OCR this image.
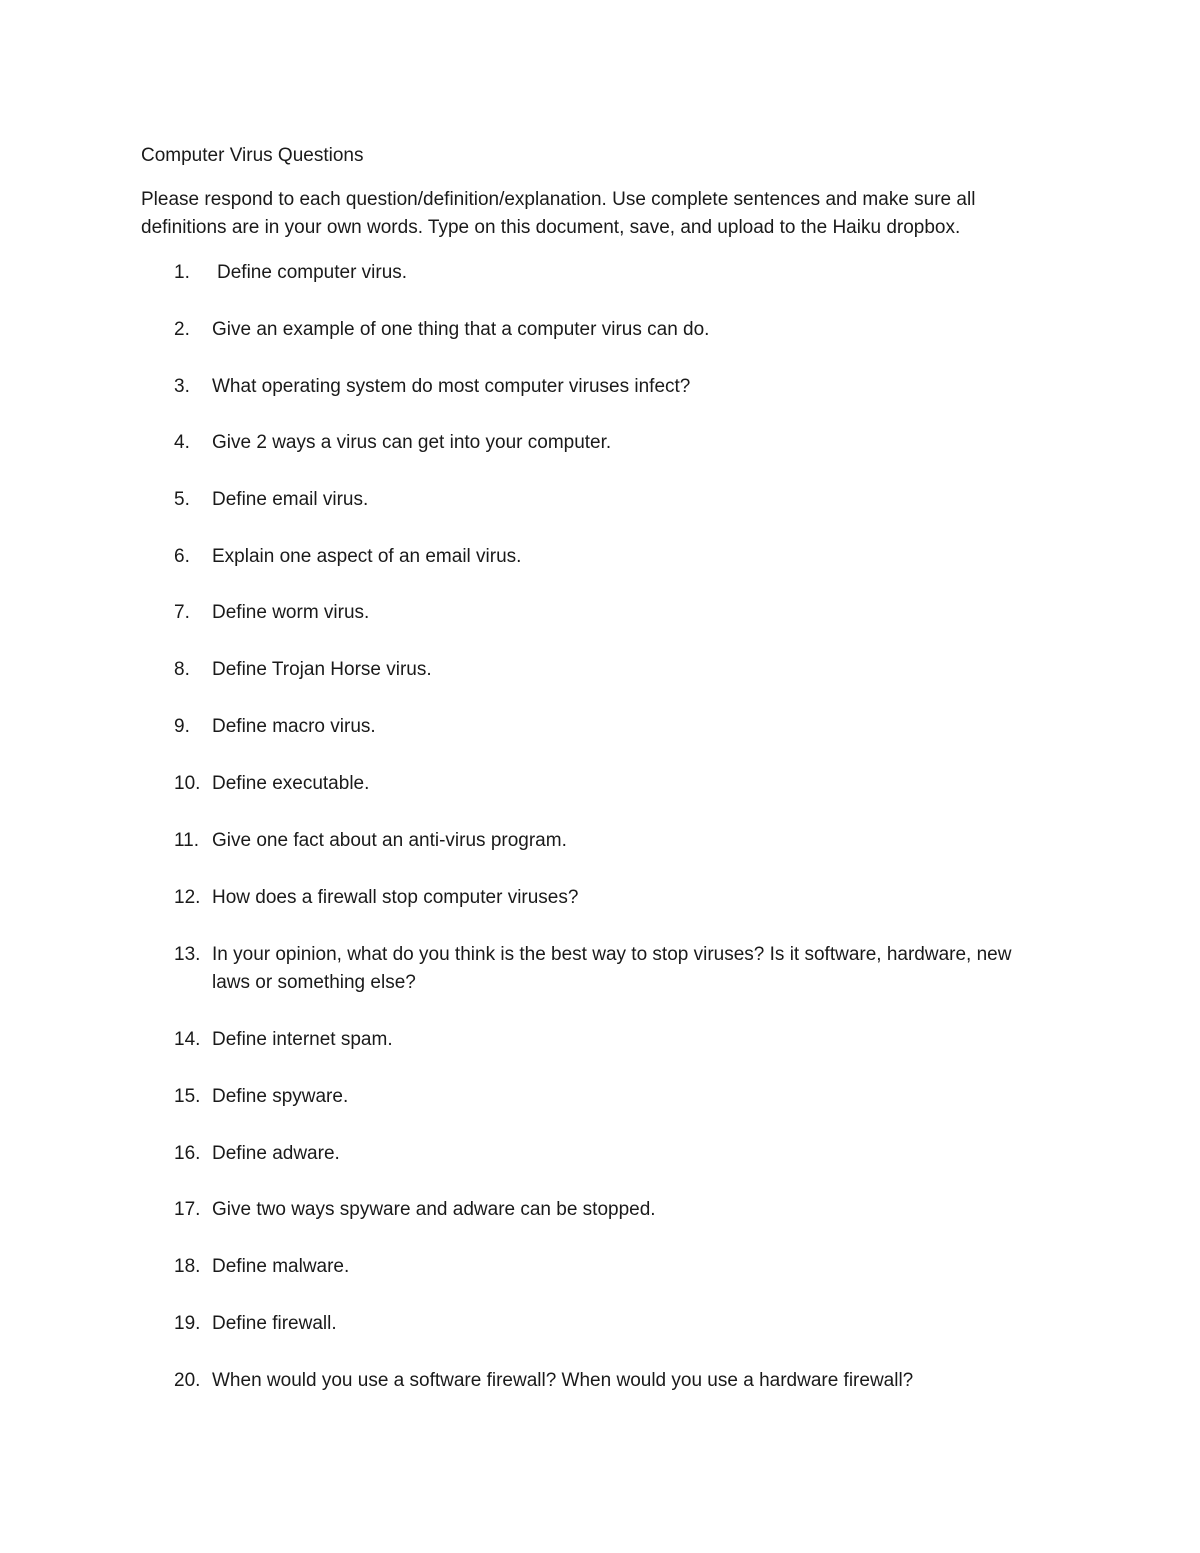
Computer Virus Questions
Please respond to each question/definition/explanation. Use complete sentences and make sure all
definitions are in your own words. Type on this document, save, and upload to the Haiku dropbox.
1.	Define computer virus.
2.	Give an example of one thing that a computer virus can do.
3.	What operating system do most computer viruses infect?
4.	Give 2 ways a virus can get into your computer.
5.	Define email virus.
6.	Explain one aspect of an email virus.
7.	Define worm virus.
8.	Define Trojan Horse virus.
9.	Define macro virus.
10. Define executable.
11. Give one fact about an anti-virus program.
12. How does a firewall stop computer viruses?
13. In your opinion, what do you think is the best way to stop viruses? Is it software, hardware, new
laws or something else?
14. Define internet spam.
15. Define spyware.
16. Define adware.
17. Give two ways spyware and adware can be stopped.
18. Define malware.
19. Define firewall.
20. When would you use a software firewall? When would you use a hardware firewall?
